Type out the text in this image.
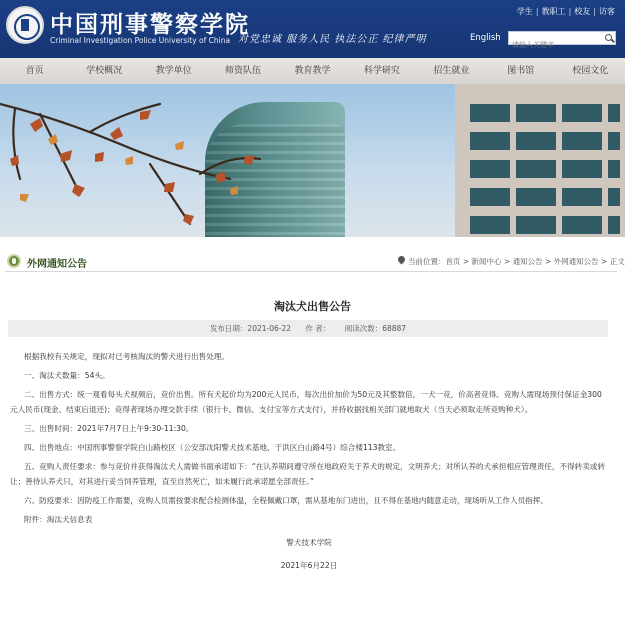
中国刑事警察学院
Criminal Investigation Police University of China 对党忠诚 服务人民 执法公正 纪律严明
学生 | 教职工 | 校友 | 访客
English
请输入关键字
首页	学校概况	教学单位	师资队伍	教育教学	科学研究	招生就业	图书馆	校园文化
外网通知公告	当前位置：首页 > 新闻中心 > 通知公告 > 外网通知公告 > 正文
淘汰犬出售公告
发布日期：2021-06-22 作 者： 阅读次数：68887

根据我校有关规定，现拟对已考核淘汰的警犬进行出售处理。

一、淘汰犬数量：54头。

二、出售方式：统一观看每头犬视频后，竞价出售。所有犬起价均为200元人民币，每次出价加价为50元及其整数倍，一犬一竞，价高者竞得。竞购人需现场预付保证金300元人民币(现金、结束后退还)；竞得者现场办理交款手续（银行卡、微信、支付宝等方式支付），并持收据找相关部门就地取犬（当天必须取走所竞购种犬）。

三、出售时间：2021年7月7日上午9:30-11:30。

四、出售地点：中国刑事警察学院白山路校区（公安部沈阳警犬技术基地，于洪区白山路4号）综合楼113教室。

五、竞购人责任要求：参与竞价并获得淘汰犬人需做书面承诺如下：“在认养期间遵守所在地政府关于养犬的规定，文明养犬；对所认养的犬承担相应管理责任，不得转卖或转让；善待认养犬只，对其进行妥当饲养管理，直至自然死亡，如未履行此承诺愿全部责任。”

六、防疫要求：因防疫工作需要，竞购人员需按要求配合检测体温，全程佩戴口罩，需从基地东门进出，且不得在基地内随意走动，现场听从工作人员指挥。

附件：淘汰犬信息表

警犬技术学院

2021年6月22日
